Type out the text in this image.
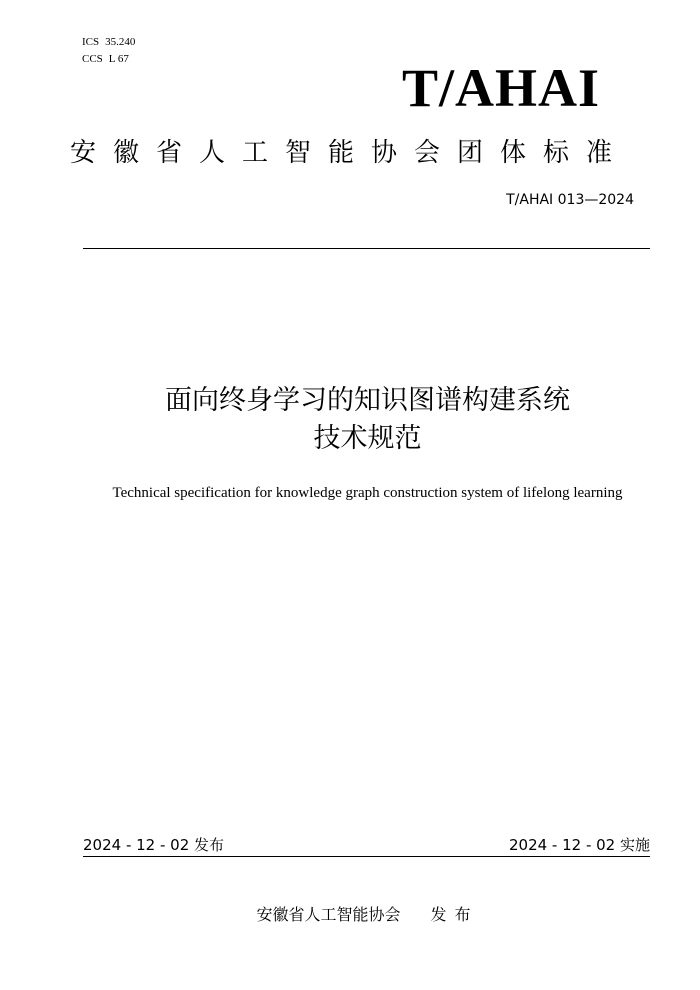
ICS 35.240
CCS L 67	T/AHAI
安徽省人工智能协会团体标准
T/AHAI 013—2024
面向终身学习的知识图谱构建系统
技术规范
Technical specification for knowledge graph construction system of lifelong learning
2024 - 12 - 02 发布	2024 - 12 - 02 实施
安徽省人工智能协会 发布
